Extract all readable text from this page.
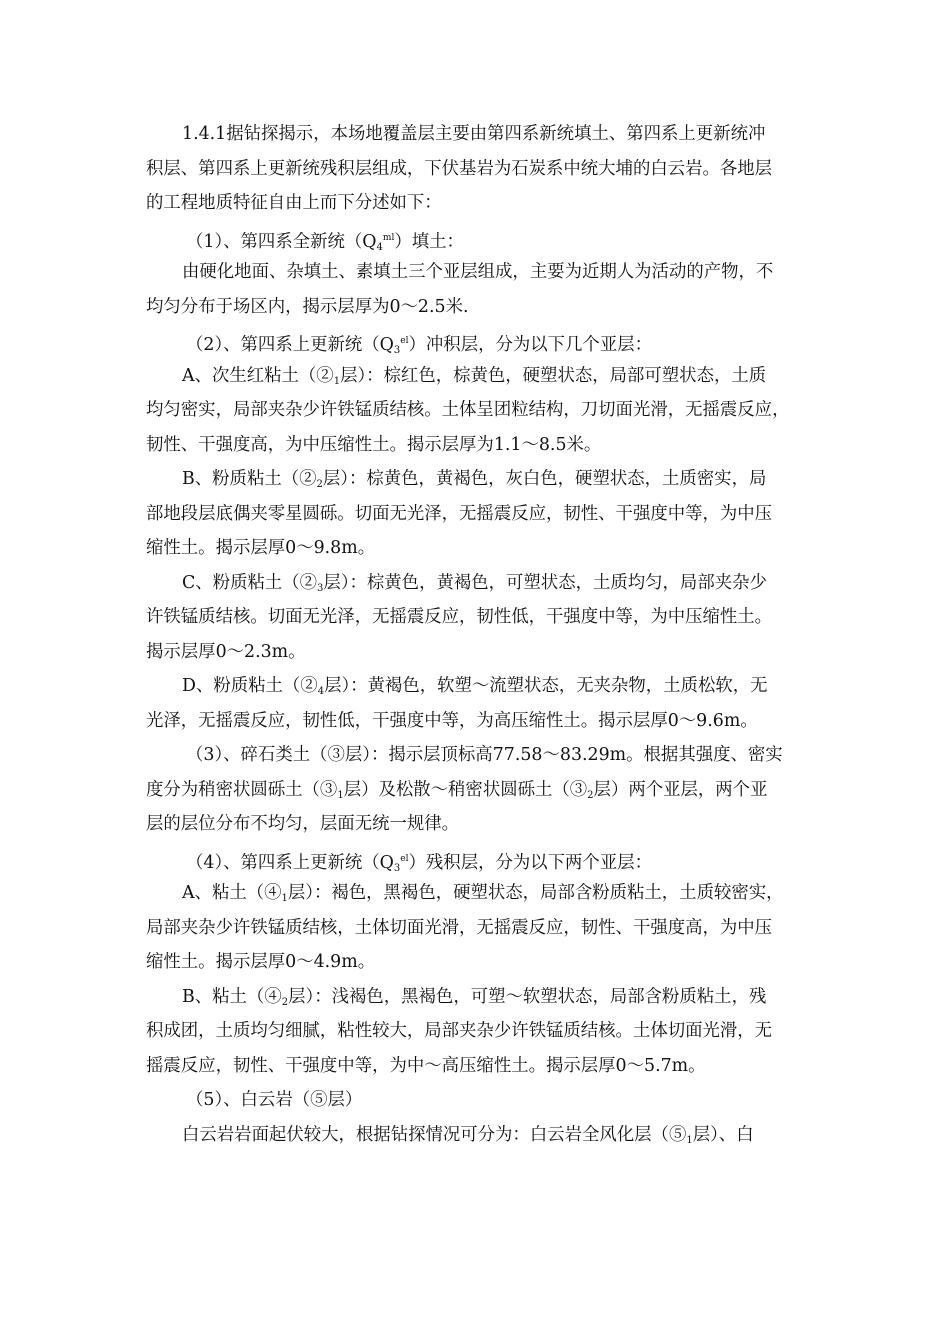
1.4.1据钻探揭示，本场地覆盖层主要由第四系新统填土、第四系上更新统冲
积层、第四系上更新统残积层组成，下伏基岩为石炭系中统大埔的白云岩。各地层
的工程地质特征自由上而下分述如下：
（1）、第四系全新统$(Q_4^{ml})$填土：
由硬化地面、杂填土、素填土三个亚层组成，主要为近期人为活动的产物，不
均匀分布于场区内，揭示层厚为0～2.5米.
（2）、第四系上更新统$(Q_3^{el})$冲积层，分为以下几个亚层：
A、次生红粘土（$②_1$层）：棕红色，棕黄色，硬塑状态，局部可塑状态，土质
均匀密实，局部夹杂少许铁锰质结核。土体呈团粒结构，刀切面光滑，无摇震反应，
韧性、干强度高，为中压缩性土。揭示层厚为1.1～8.5米。
B、粉质粘土（$②_2$层）：棕黄色，黄褐色，灰白色，硬塑状态，土质密实，局
部地段层底偶夹零星圆砾。切面无光泽，无摇震反应，韧性、干强度中等，为中压
缩性土。揭示层厚0～9.8m。
C、粉质粘土（$②_3$层）：棕黄色，黄褐色，可塑状态，土质均匀，局部夹杂少
许铁锰质结核。切面无光泽，无摇震反应，韧性低，干强度中等，为中压缩性土。
揭示层厚0～2.3m。
D、粉质粘土（$②_4$层）：黄褐色，软塑～流塑状态，无夹杂物，土质松软，无
光泽，无摇震反应，韧性低，干强度中等，为高压缩性土。揭示层厚0～9.6m。
（3）、碎石类土（③层）：揭示层顶标高77.58～83.29m。根据其强度、密实
度分为稍密状圆砾土（$③_1$层）及松散～稍密状圆砾土（$③_2$层）两个亚层，两个亚
层的层位分布不均匀，层面无统一规律。
（4）、第四系上更新统$(Q_3^{el})$残积层，分为以下两个亚层：
A、粘土（$④_1$层）：褐色，黑褐色，硬塑状态，局部含粉质粘土，土质较密实，
局部夹杂少许铁锰质结核，土体切面光滑，无摇震反应，韧性、干强度高，为中压
缩性土。揭示层厚0～4.9m。
B、粘土（$④_2$层）：浅褐色，黑褐色，可塑～软塑状态，局部含粉质粘土，残
积成团，土质均匀细腻，粘性较大，局部夹杂少许铁锰质结核。土体切面光滑，无
摇震反应，韧性、干强度中等，为中～高压缩性土。揭示层厚0～5.7m。
（5）、白云岩（⑤层）
白云岩岩面起伏较大，根据钻探情况可分为：白云岩全风化层（$⑤_1$层）、白
